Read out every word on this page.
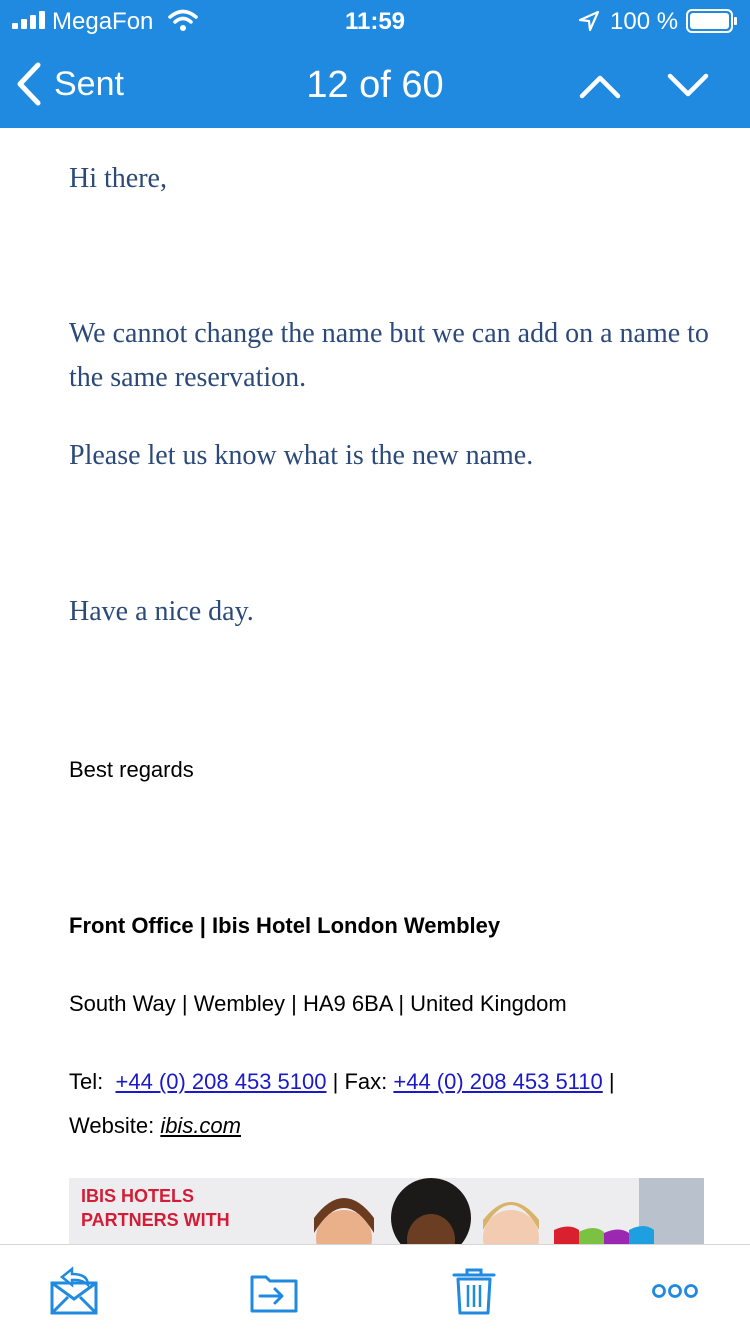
MegaFon	11:59	100 %
Sent	12 of 60

Hi there,

We cannot change the name but we can add on a name to the same reservation.

Please let us know what is the new name.

Have a nice day.

Best regards

Front Office | Ibis Hotel London Wembley

South Way | Wembley | HA9 6BA | United Kingdom

Tel: +44 (0) 208 453 5100 | Fax: +44 (0) 208 453 5110 |
Website: ibis.com

IBIS HOTELS
PARTNERS WITH
